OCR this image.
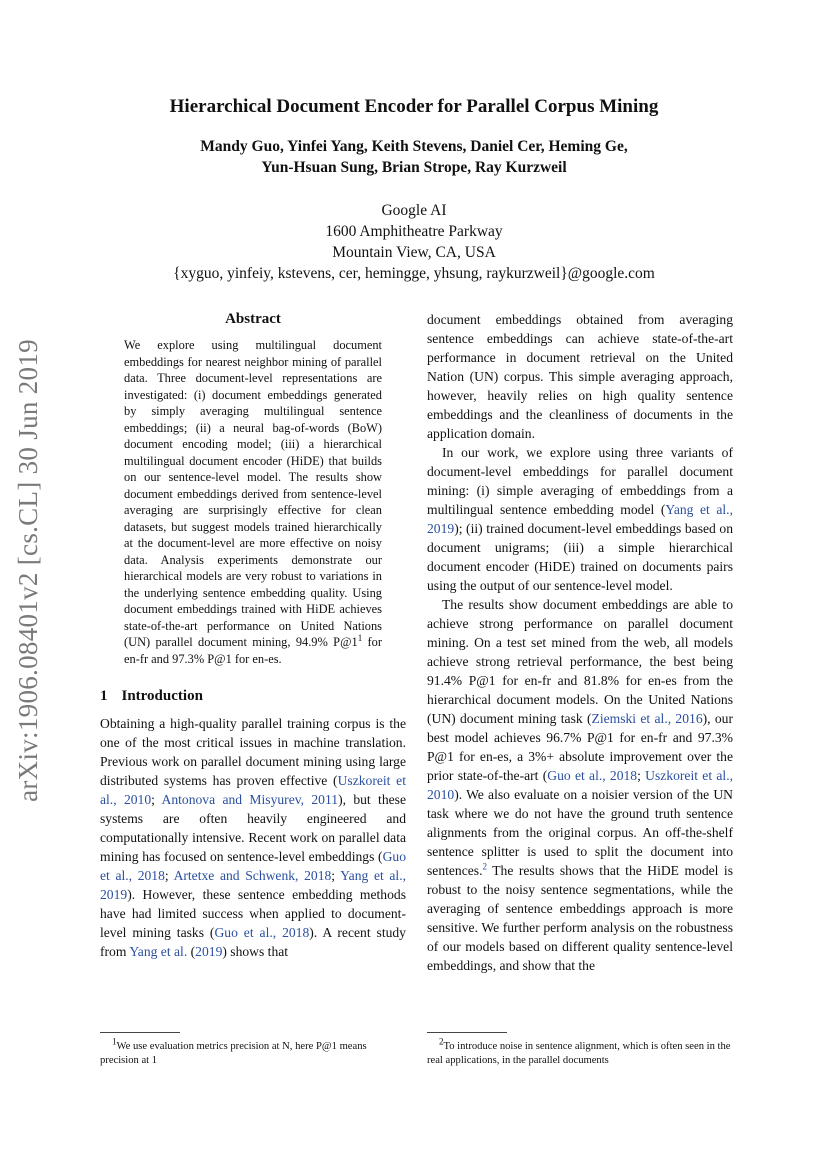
arXiv:1906.08401v2 [cs.CL] 30 Jun 2019
Hierarchical Document Encoder for Parallel Corpus Mining
Mandy Guo, Yinfei Yang, Keith Stevens, Daniel Cer, Heming Ge,
Yun-Hsuan Sung, Brian Strope, Ray Kurzweil
Google AI
1600 Amphitheatre Parkway
Mountain View, CA, USA
{xyguo, yinfeiy, kstevens, cer, hemingge, yhsung, raykurzweil}@google.com
Abstract
We explore using multilingual document embeddings for nearest neighbor mining of parallel data. Three document-level representations are investigated: (i) document embeddings generated by simply averaging multilingual sentence embeddings; (ii) a neural bag-of-words (BoW) document encoding model; (iii) a hierarchical multilingual document encoder (HiDE) that builds on our sentence-level model. The results show document embeddings derived from sentence-level averaging are surprisingly effective for clean datasets, but suggest models trained hierarchically at the document-level are more effective on noisy data. Analysis experiments demonstrate our hierarchical models are very robust to variations in the underlying sentence embedding quality. Using document embeddings trained with HiDE achieves state-of-the-art performance on United Nations (UN) parallel document mining, 94.9% $P@1^1$ for en-fr and 97.3% P@1 for en-es.
1 Introduction

Obtaining a high-quality parallel training corpus is the one of the most critical issues in machine translation. Previous work on parallel document mining using large distributed systems has proven effective (Uszkoreit et al., 2010; Antonova and Misyurev, 2011), but these systems are often heavily engineered and computationally intensive. Recent work on parallel data mining has focused on sentence-level embeddings (Guo et al., 2018; Artetxe and Schwenk, 2018; Yang et al., 2019). However, these sentence embedding methods have had limited success when applied to document-level mining tasks (Guo et al., 2018). A recent study from Yang et al. (2019) shows that

document embeddings obtained from averaging sentence embeddings can achieve state-of-the-art performance in document retrieval on the United Nation (UN) corpus. This simple averaging approach, however, heavily relies on high quality sentence embeddings and the cleanliness of documents in the application domain.

In our work, we explore using three variants of document-level embeddings for parallel document mining: (i) simple averaging of embeddings from a multilingual sentence embedding model (Yang et al., 2019); (ii) trained document-level embeddings based on document unigrams; (iii) a simple hierarchical document encoder (HiDE) trained on documents pairs using the output of our sentence-level model.

The results show document embeddings are able to achieve strong performance on parallel document mining. On a test set mined from the web, all models achieve strong retrieval performance, the best being 91.4% P@1 for en-fr and 81.8% for en-es from the hierarchical document models. On the United Nations (UN) document mining task (Ziemski et al., 2016), our best model achieves 96.7% P@1 for en-fr and 97.3% P@1 for en-es, a 3%+ absolute improvement over the prior state-of-the-art (Guo et al., 2018; Uszkoreit et al., 2010). We also evaluate on a noisier version of the UN task where we do not have the ground truth sentence alignments from the original corpus. An off-the-shelf sentence splitter is used to split the document into sentences.$^2$ The results shows that the HiDE model is robust to the noisy sentence segmentations, while the averaging of sentence embeddings approach is more sensitive. We further perform analysis on the robustness of our models based on different quality sentence-level embeddings, and show that the

$^1$We use evaluation metrics precision at N, here P@1 means precision at 1
$^2$To introduce noise in sentence alignment, which is often seen in the real applications, in the parallel documents
